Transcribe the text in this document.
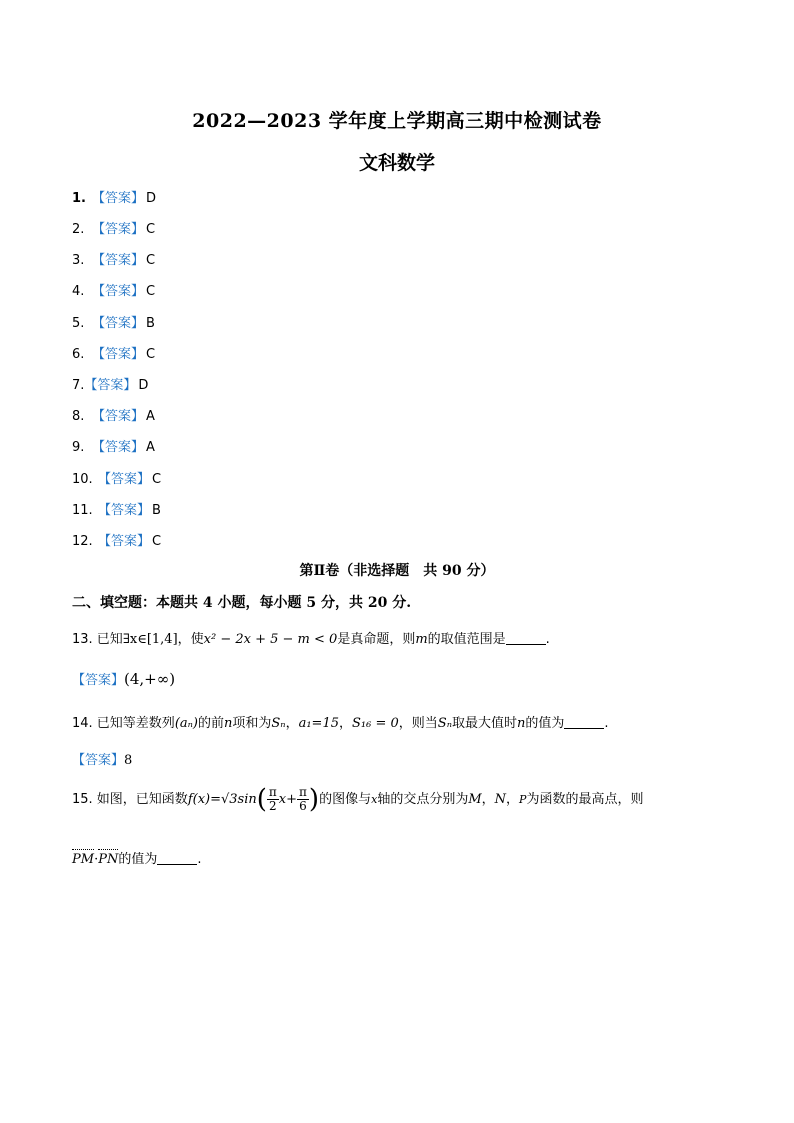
2022—2023 学年度上学期高三期中检测试卷
文科数学
1. 【答案】 D
2. 【答案】 C
3. 【答案】 C
4. 【答案】 C
5. 【答案】 B
6. 【答案】 C
7.【答案】 D
8. 【答案】 A
9. 【答案】 A
10. 【答案】 C
11. 【答案】 B
12. 【答案】 C
第Ⅱ卷（非选择题　共 90 分）
二、填空题：本题共 4 小题，每小题 5 分，共 20 分.
13. 已知∃x∈[1,4]，使x² − 2x + 5 − m < 0是真命题，则m的取值范围是	.
【答案】(4,+∞)
14. 已知等差数列(aₙ)的前n项和为Sₙ，a₁=15，S₁₆ = 0，则当Sₙ取最大值时n的值为	.
【答案】8
15. 如图，已知函数$f(x)=√3\sin( \frac{\pi}{2} x+ \frac{\pi}{6}$ )的图像与x轴的交点分别为M，N，P为函数的最高点，则
PM·PN的值为	.
